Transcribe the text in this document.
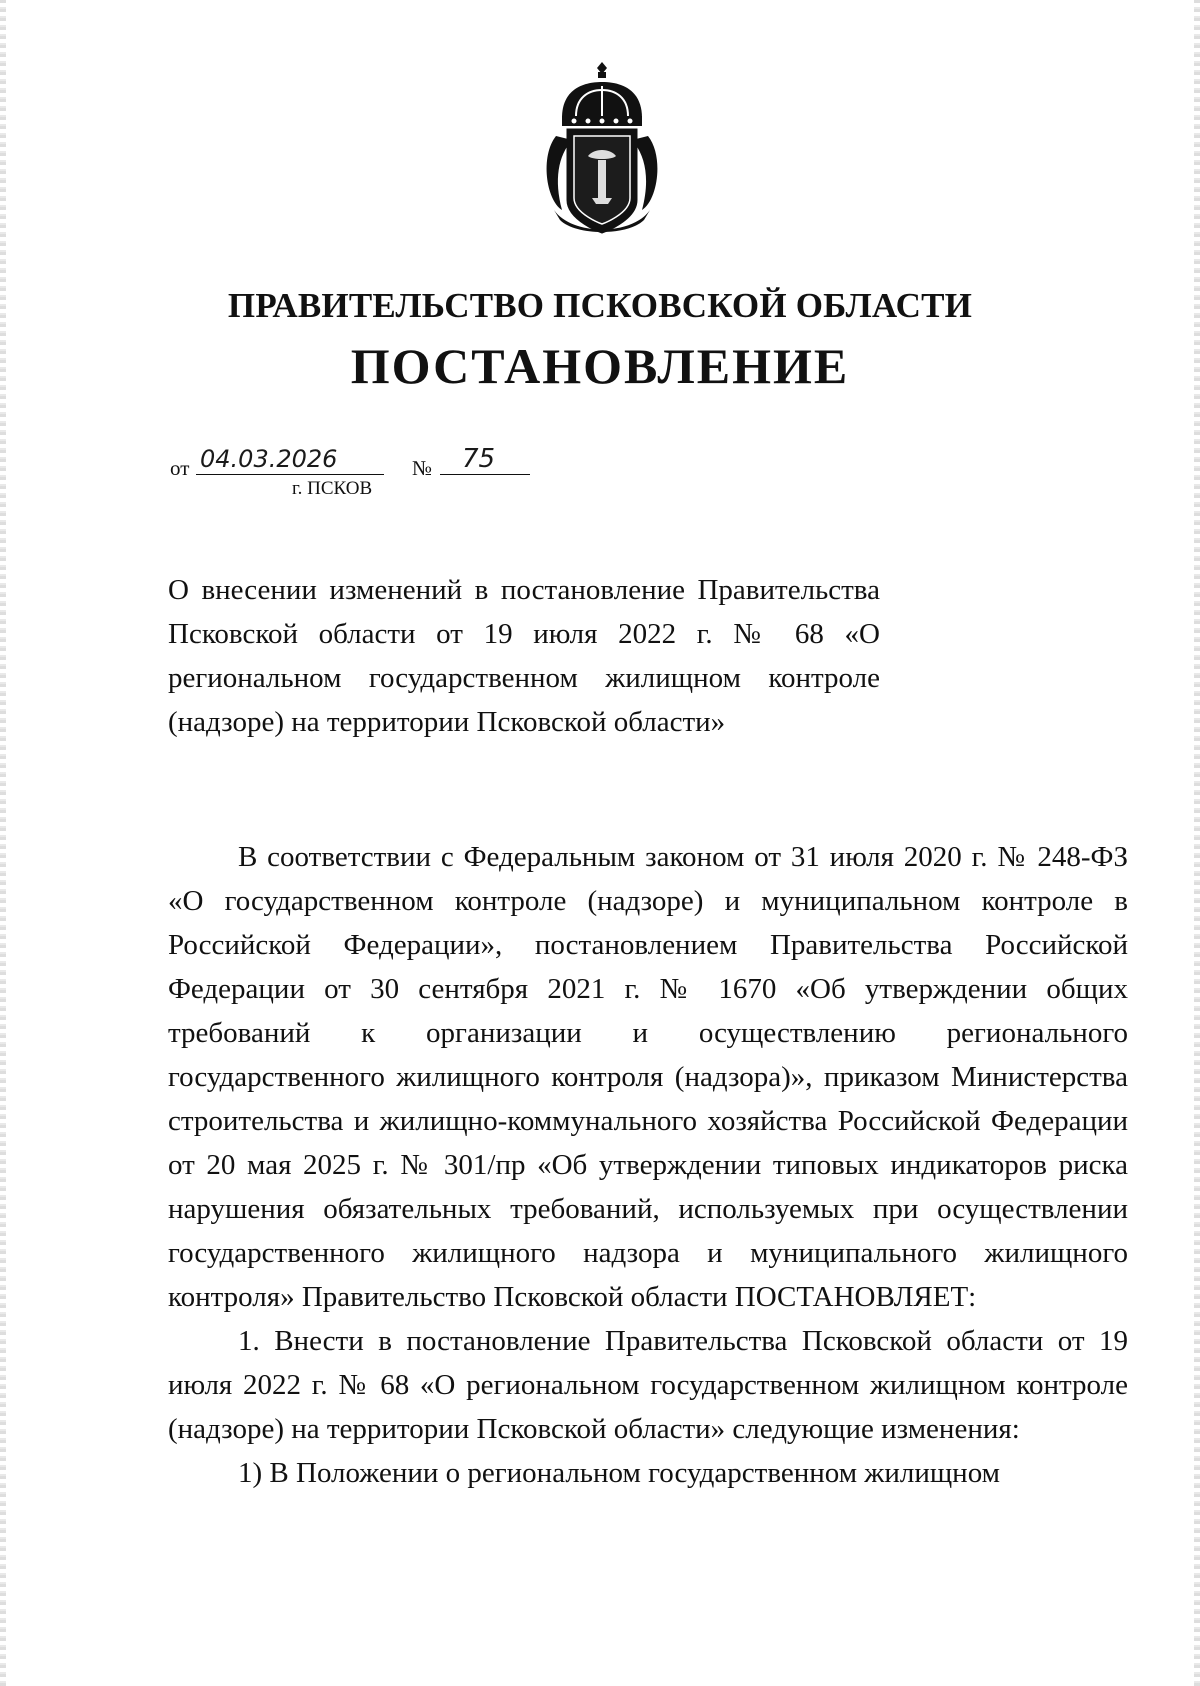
ПРАВИТЕЛЬСТВО ПСКОВСКОЙ ОБЛАСТИ
ПОСТАНОВЛЕНИЕ
от 04.03.2026	№	75
г. ПСКОВ

О внесении изменений в постановление Правительства Псковской области от 19 июля 2022 г. № 68 «О региональном государственном жилищном контроле (надзоре) на территории Псковской области»

В соответствии с Федеральным законом от 31 июля 2020 г. № 248-ФЗ «О государственном контроле (надзоре) и муниципальном контроле в Российской Федерации», постановлением Правительства Российской Федерации от 30 сентября 2021 г. № 1670 «Об утверждении общих требований к организации и осуществлению регионального государственного жилищного контроля (надзора)», приказом Министерства строительства и жилищно-коммунального хозяйства Российской Федерации от 20 мая 2025 г. № 301/пр «Об утверждении типовых индикаторов риска нарушения обязательных требований, используемых при осуществлении государственного жилищного надзора и муниципального жилищного контроля» Правительство Псковской области ПОСТАНОВЛЯЕТ:

1. Внести в постановление Правительства Псковской области от 19 июля 2022 г. № 68 «О региональном государственном жилищном контроле (надзоре) на территории Псковской области» следующие изменения:

1) В Положении о региональном государственном жилищном
